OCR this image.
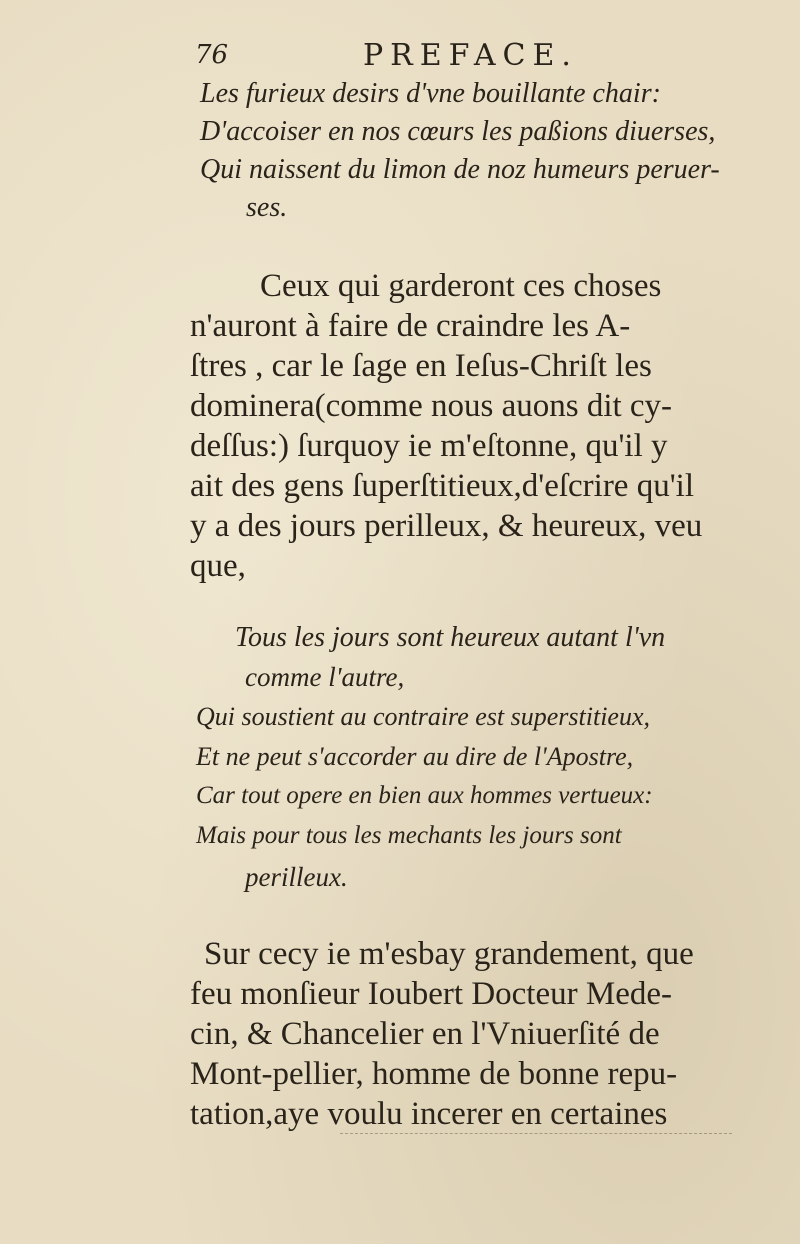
76	PREFACE.
Les furieux desirs d'vne bouillante chair:
D'accoiser en nos cœurs les paßions diuerses,
Qui naissent du limon de noz humeurs peruer-
ses.
Ceux qui garderont ces choses
n'auront à faire de craindre les A-
ſtres , car le ſage en Ieſus-Chriſt les
dominera(comme nous auons dit cy-
deſſus:) ſurquoy ie m'eſtonne, qu'il y
ait des gens ſuperſtitieux,d'eſcrire qu'il
y a des jours perilleux, & heureux, veu
que,
Tous les jours sont heureux autant l'vn
comme l'autre,
Qui soustient au contraire est superstitieux,
Et ne peut s'accorder au dire de l'Apostre,
Car tout opere en bien aux hommes vertueux:
Mais pour tous les mechants les jours sont
perilleux.
Sur cecy ie m'esbay grandement, que
feu monſieur Ioubert Docteur Mede-
cin, & Chancelier en l'Vniuerſité de
Mont-pellier, homme de bonne repu-
tation,aye voulu incerer en certaines
